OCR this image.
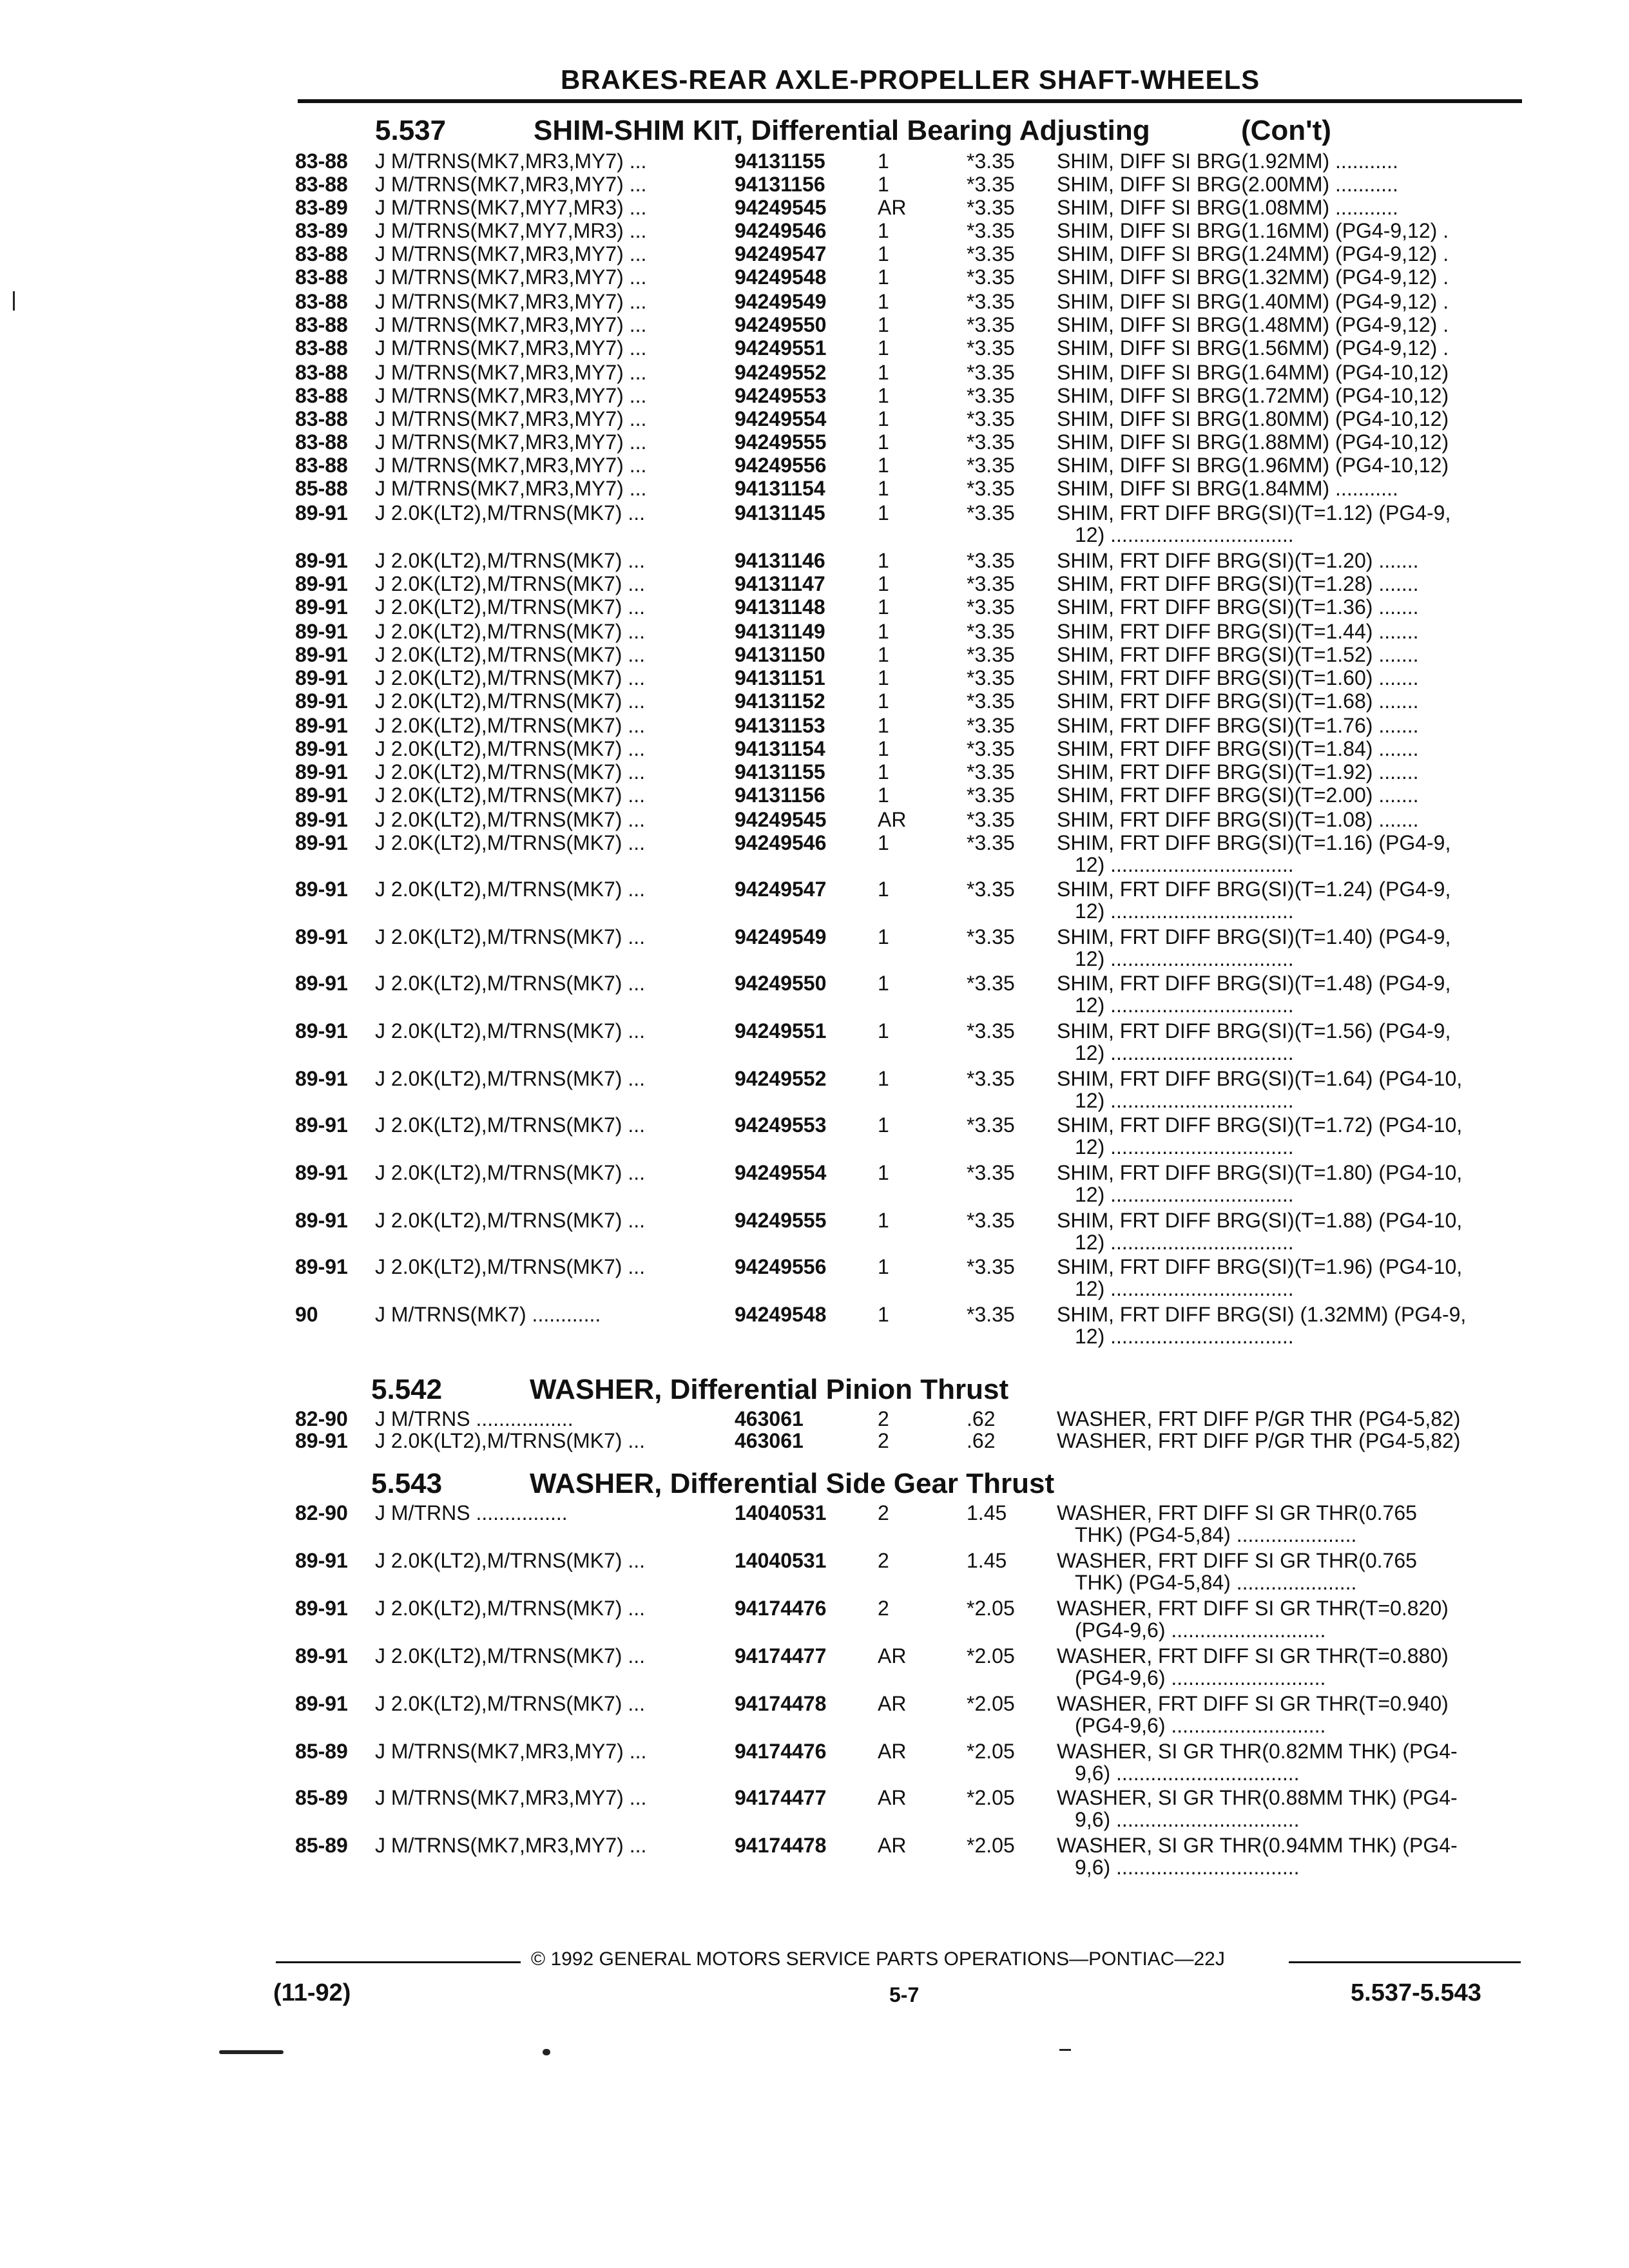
BRAKES-REAR AXLE-PROPELLER SHAFT-WHEELS
5.537	SHIM-SHIM KIT, Differential Bearing Adjusting	(Con't)
83-88 J M/TRNS(MK7,MR3,MY7) ...	94131155	1	*3.35 SHIM, DIFF SI BRG(1.92MM) ...........
83-88 J M/TRNS(MK7,MR3,MY7) ...	94131156	1	*3.35 SHIM, DIFF SI BRG(2.00MM) ...........
83-89 J M/TRNS(MK7,MY7,MR3) ...	94249545 AR	*3.35 SHIM, DIFF SI BRG(1.08MM) ...........
83-89 J M/TRNS(MK7,MY7,MR3) ...	94249546 1	*3.35 SHIM, DIFF SI BRG(1.16MM) (PG4-9,12) .
83-88 J M/TRNS(MK7,MR3,MY7) ...	94249547 1	*3.35 SHIM, DIFF SI BRG(1.24MM) (PG4-9,12) .
83-88 J M/TRNS(MK7,MR3,MY7) ...	94249548 1	*3.35 SHIM, DIFF SI BRG(1.32MM) (PG4-9,12) .
83-88 J M/TRNS(MK7,MR3,MY7) ...	94249549 1	*3.35 SHIM, DIFF SI BRG(1.40MM) (PG4-9,12) .
83-88 J M/TRNS(MK7,MR3,MY7) ...	94249550 1	*3.35 SHIM, DIFF SI BRG(1.48MM) (PG4-9,12) .
83-88 J M/TRNS(MK7,MR3,MY7) ...	94249551 1	*3.35 SHIM, DIFF SI BRG(1.56MM) (PG4-9,12) .
83-88 J M/TRNS(MK7,MR3,MY7) ...	94249552 1	*3.35 SHIM, DIFF SI BRG(1.64MM) (PG4-10,12)
83-88 J M/TRNS(MK7,MR3,MY7) ...	94249553 1	*3.35 SHIM, DIFF SI BRG(1.72MM) (PG4-10,12)
83-88 J M/TRNS(MK7,MR3,MY7) ...	94249554 1	*3.35 SHIM, DIFF SI BRG(1.80MM) (PG4-10,12)
83-88 J M/TRNS(MK7,MR3,MY7) ...	94249555 1	*3.35 SHIM, DIFF SI BRG(1.88MM) (PG4-10,12)
83-88 J M/TRNS(MK7,MR3,MY7) ...	94249556 1	*3.35 SHIM, DIFF SI BRG(1.96MM) (PG4-10,12)
85-88 J M/TRNS(MK7,MR3,MY7) ...	94131154	1	*3.35 SHIM, DIFF SI BRG(1.84MM) ...........
89-91 J 2.0K(LT2),M/TRNS(MK7) ...	94131145	1	*3.35 SHIM, FRT DIFF BRG(SI)(T=1.12) (PG4-9,
12) ................................
89-91 J 2.0K(LT2),M/TRNS(MK7) ...	94131146	1	*3.35 SHIM, FRT DIFF BRG(SI)(T=1.20) .......
89-91 J 2.0K(LT2),M/TRNS(MK7) ...	94131147	1	*3.35 SHIM, FRT DIFF BRG(SI)(T=1.28) .......
89-91 J 2.0K(LT2),M/TRNS(MK7) ...	94131148	1	*3.35 SHIM, FRT DIFF BRG(SI)(T=1.36) .......
89-91 J 2.0K(LT2),M/TRNS(MK7) ...	94131149	1	*3.35 SHIM, FRT DIFF BRG(SI)(T=1.44) .......
89-91 J 2.0K(LT2),M/TRNS(MK7) ...	94131150	1	*3.35 SHIM, FRT DIFF BRG(SI)(T=1.52) .......
89-91 J 2.0K(LT2),M/TRNS(MK7) ...	94131151	1	*3.35 SHIM, FRT DIFF BRG(SI)(T=1.60) .......
89-91 J 2.0K(LT2),M/TRNS(MK7) ...	94131152	1	*3.35 SHIM, FRT DIFF BRG(SI)(T=1.68) .......
89-91 J 2.0K(LT2),M/TRNS(MK7) ...	94131153	1	*3.35 SHIM, FRT DIFF BRG(SI)(T=1.76) .......
89-91 J 2.0K(LT2),M/TRNS(MK7) ...	94131154	1	*3.35 SHIM, FRT DIFF BRG(SI)(T=1.84) .......
89-91 J 2.0K(LT2),M/TRNS(MK7) ...	94131155	1	*3.35 SHIM, FRT DIFF BRG(SI)(T=1.92) .......
89-91 J 2.0K(LT2),M/TRNS(MK7) ...	94131156	1	*3.35 SHIM, FRT DIFF BRG(SI)(T=2.00) .......
89-91 J 2.0K(LT2),M/TRNS(MK7) ...	94249545 AR	*3.35 SHIM, FRT DIFF BRG(SI)(T=1.08) .......
89-91 J 2.0K(LT2),M/TRNS(MK7) ...	94249546 1	*3.35 SHIM, FRT DIFF BRG(SI)(T=1.16) (PG4-9,
12) ................................
89-91 J 2.0K(LT2),M/TRNS(MK7) ...	94249547 1	*3.35 SHIM, FRT DIFF BRG(SI)(T=1.24) (PG4-9,
12) ................................
89-91 J 2.0K(LT2),M/TRNS(MK7) ...	94249549 1	*3.35 SHIM, FRT DIFF BRG(SI)(T=1.40) (PG4-9,
12) ................................
89-91 J 2.0K(LT2),M/TRNS(MK7) ...	94249550 1	*3.35 SHIM, FRT DIFF BRG(SI)(T=1.48) (PG4-9,
12) ................................
89-91 J 2.0K(LT2),M/TRNS(MK7) ...	94249551 1	*3.35 SHIM, FRT DIFF BRG(SI)(T=1.56) (PG4-9,
12) ................................
89-91 J 2.0K(LT2),M/TRNS(MK7) ...	94249552 1	*3.35 SHIM, FRT DIFF BRG(SI)(T=1.64) (PG4-10,
12) ................................
89-91 J 2.0K(LT2),M/TRNS(MK7) ...	94249553 1	*3.35 SHIM, FRT DIFF BRG(SI)(T=1.72) (PG4-10,
12) ................................
89-91 J 2.0K(LT2),M/TRNS(MK7) ...	94249554 1	*3.35 SHIM, FRT DIFF BRG(SI)(T=1.80) (PG4-10,
12) ................................
89-91 J 2.0K(LT2),M/TRNS(MK7) ...	94249555 1	*3.35 SHIM, FRT DIFF BRG(SI)(T=1.88) (PG4-10,
12) ................................
89-91 J 2.0K(LT2),M/TRNS(MK7) ...	94249556 1	*3.35 SHIM, FRT DIFF BRG(SI)(T=1.96) (PG4-10,
12) ................................
90	J M/TRNS(MK7) ............	94249548 1	*3.35 SHIM, FRT DIFF BRG(SI) (1.32MM) (PG4-9,
12) ................................
5.542	WASHER, Differential Pinion Thrust
82-90 J M/TRNS .................	463061	2	.62	WASHER, FRT DIFF P/GR THR (PG4-5,82)
89-91 J 2.0K(LT2),M/TRNS(MK7) ...	463061	2	.62	WASHER, FRT DIFF P/GR THR (PG4-5,82)
5.543	WASHER, Differential Side Gear Thrust
82-90 J M/TRNS ................	14040531 2	1.45 WASHER, FRT DIFF SI GR THR(0.765
THK) (PG4-5,84) .....................
89-91 J 2.0K(LT2),M/TRNS(MK7) ...	14040531 2	1.45 WASHER, FRT DIFF SI GR THR(0.765
THK) (PG4-5,84) .....................
89-91 J 2.0K(LT2),M/TRNS(MK7) ...	94174476 2	*2.05 WASHER, FRT DIFF SI GR THR(T=0.820)
(PG4-9,6) ...........................
89-91 J 2.0K(LT2),M/TRNS(MK7) ...	94174477 AR	*2.05 WASHER, FRT DIFF SI GR THR(T=0.880)
(PG4-9,6) ...........................
89-91 J 2.0K(LT2),M/TRNS(MK7) ...	94174478 AR	*2.05 WASHER, FRT DIFF SI GR THR(T=0.940)
(PG4-9,6) ...........................
85-89 J M/TRNS(MK7,MR3,MY7) ...	94174476 AR	*2.05 WASHER, SI GR THR(0.82MM THK) (PG4-
9,6) ................................
85-89 J M/TRNS(MK7,MR3,MY7) ...	94174477 AR	*2.05 WASHER, SI GR THR(0.88MM THK) (PG4-
9,6) ................................
85-89 J M/TRNS(MK7,MR3,MY7) ...	94174478 AR	*2.05 WASHER, SI GR THR(0.94MM THK) (PG4-
9,6) ................................
© 1992 GENERAL MOTORS SERVICE PARTS OPERATIONS—PONTIAC—22J
(11-92)	5-7	5.537-5.543
